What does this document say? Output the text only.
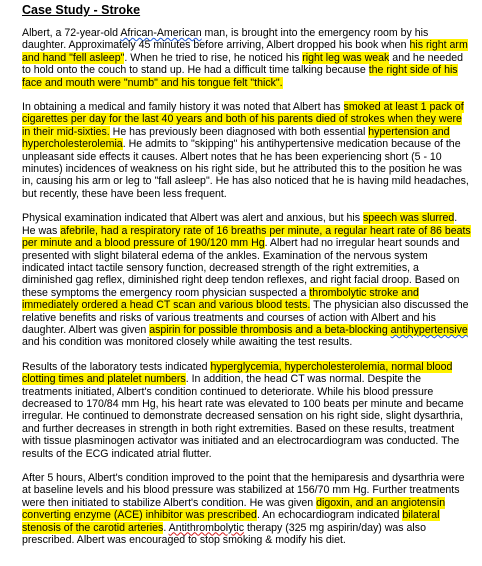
Case Study - Stroke

Albert, a 72-year-old African-American man, is brought into the emergency room by his daughter. Approximately 45 minutes before arriving, Albert dropped his book when his right arm and hand "fell asleep". When he tried to rise, he noticed his right leg was weak and he needed to hold onto the couch to stand up. He had a difficult time talking because the right side of his face and mouth were "numb" and his tongue felt "thick".

In obtaining a medical and family history it was noted that Albert has smoked at least 1 pack of cigarettes per day for the last 40 years and both of his parents died of strokes when they were in their mid-sixties. He has previously been diagnosed with both essential hypertension and hypercholesterolemia. He admits to "skipping" his antihypertensive medication because of the unpleasant side effects it causes. Albert notes that he has been experiencing short (5 - 10 minutes) incidences of weakness on his right side, but he attributed this to the position he was in, causing his arm or leg to "fall asleep". He has also noticed that he is having mild headaches, but recently, these have been less frequent.

Physical examination indicated that Albert was alert and anxious, but his speech was slurred. He was afebrile, had a respiratory rate of 16 breaths per minute, a regular heart rate of 86 beats per minute and a blood pressure of 190/120 mm Hg. Albert had no irregular heart sounds and presented with slight bilateral edema of the ankles. Examination of the nervous system indicated intact tactile sensory function, decreased strength of the right extremities, a diminished gag reflex, diminished right deep tendon reflexes, and right facial droop. Based on these symptoms the emergency room physician suspected a thrombolytic stroke and immediately ordered a head CT scan and various blood tests. The physician also discussed the relative benefits and risks of various treatments and courses of action with Albert and his daughter. Albert was given aspirin for possible thrombosis and a beta-blocking antihypertensive and his condition was monitored closely while awaiting the test results.

Results of the laboratory tests indicated hyperglycemia, hypercholesterolemia, normal blood clotting times and platelet numbers. In addition, the head CT was normal. Despite the treatments initiated, Albert's condition continued to deteriorate. While his blood pressure decreased to 170/84 mm Hg, his heart rate was elevated to 100 beats per minute and became irregular. He continued to demonstrate decreased sensation on his right side, slight dysarthria, and further decreases in strength in both right extremities. Based on these results, treatment with tissue plasminogen activator was initiated and an electrocardiogram was conducted. The results of the ECG indicated atrial flutter.

After 5 hours, Albert's condition improved to the point that the hemiparesis and dysarthria were at baseline levels and his blood pressure was stabilized at 156/70 mm Hg. Further treatments were then initiated to stabilize Albert's condition. He was given digoxin, and an angiotensin converting enzyme (ACE) inhibitor was prescribed. An echocardiogram indicated bilateral stenosis of the carotid arteries. Antithrombolytic therapy (325 mg aspirin/day) was also prescribed. Albert was encouraged to stop smoking & modify his diet.
